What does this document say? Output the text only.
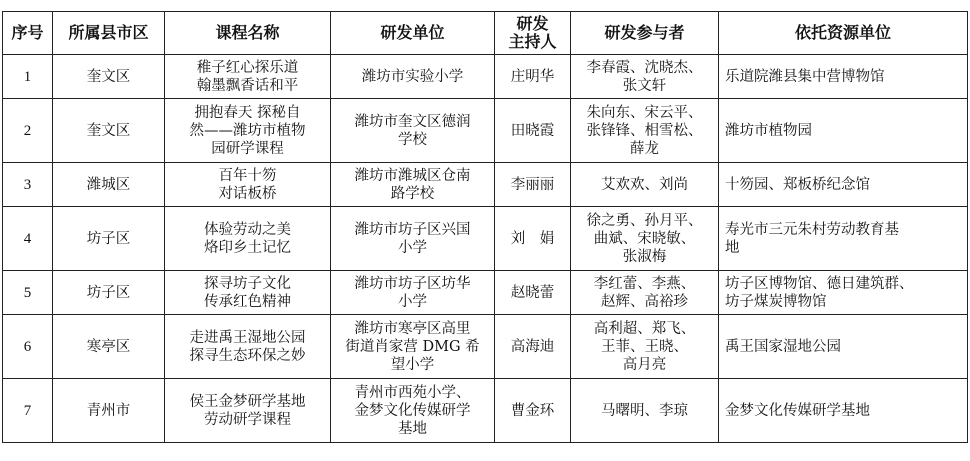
序号	所属县市区	课程名称	研发单位	研发
主持人	研发参与者	依托资源单位

1	奎文区	稚子红心探乐道
翰墨飘香话和平	潍坊市实验小学	庄明华	李春霞、沈晓杰、
张文轩	乐道院潍县集中营博物馆

2	奎文区	拥抱春天 探秘自
然——潍坊市植物
园研学课程	潍坊市奎文区德润
学校	田晓霞	朱向东、宋云平、
张锋锋、相雪松、
薛龙	潍坊市植物园

3	潍城区	百年十笏
对话板桥	潍坊市潍城区仓南
路学校	李丽丽	艾欢欢、刘尚	十笏园、郑板桥纪念馆

4	坊子区	体验劳动之美
烙印乡土记忆	潍坊市坊子区兴国
小学	刘　娟	徐之勇、孙月平、
曲斌、宋晓敏、
张淑梅	寿光市三元朱村劳动教育基
地

5	坊子区	探寻坊子文化
传承红色精神	潍坊市坊子区坊华
小学	赵晓蕾	李红蕾、李燕、
赵辉、高裕珍	坊子区博物馆、德日建筑群、
坊子煤炭博物馆

6	寒亭区	走进禹王湿地公园
探寻生态环保之妙	潍坊市寒亭区高里
街道肖家营 DMG 希
望小学	高海迪	高利超、郑飞、
王菲、王晓、
高月亮	禹王国家湿地公园

7	青州市	侯王金梦研学基地
劳动研学课程	青州市西苑小学、
金梦文化传媒研学
基地	曹金环	马曙明、李琼	金梦文化传媒研学基地
